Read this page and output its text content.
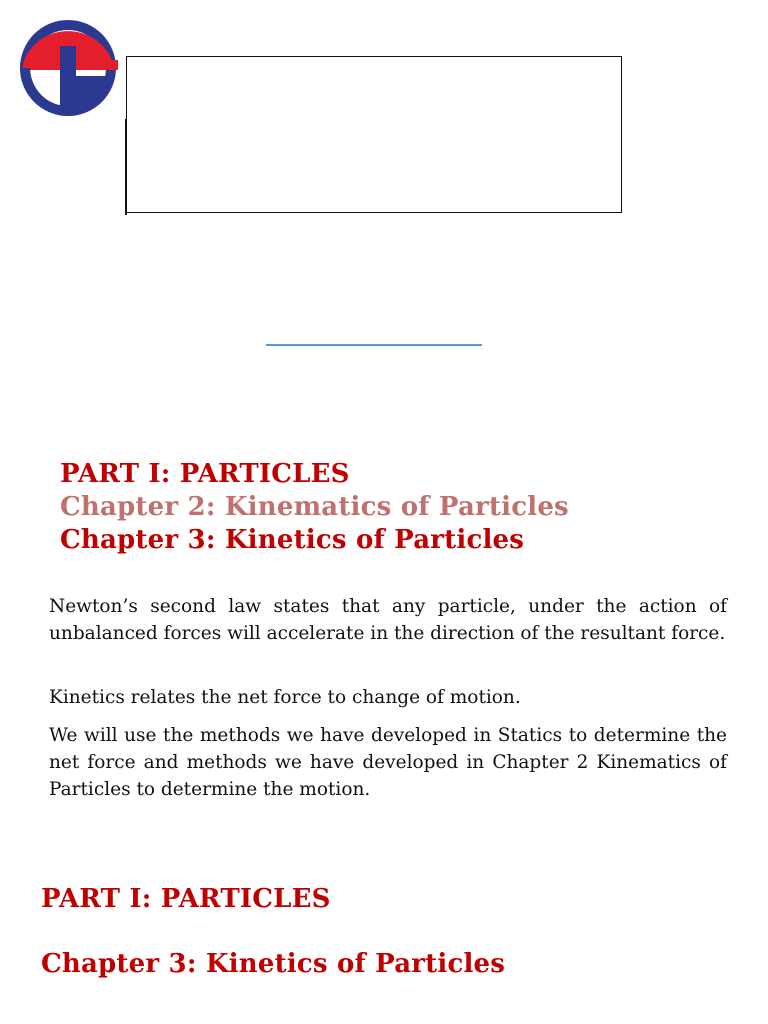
PART I: PARTICLES
Chapter 2: Kinematics of Particles
Chapter 3: Kinetics of Particles

Newton’s second law states that any particle, under the action of unbalanced forces will accelerate in the direction of the resultant force.

Kinetics relates the net force to change of motion.

We will use the methods we have developed in Statics to determine the net force and methods we have developed in Chapter 2 Kinematics of Particles to determine the motion.

PART I: PARTICLES
Chapter 3: Kinetics of Particles
